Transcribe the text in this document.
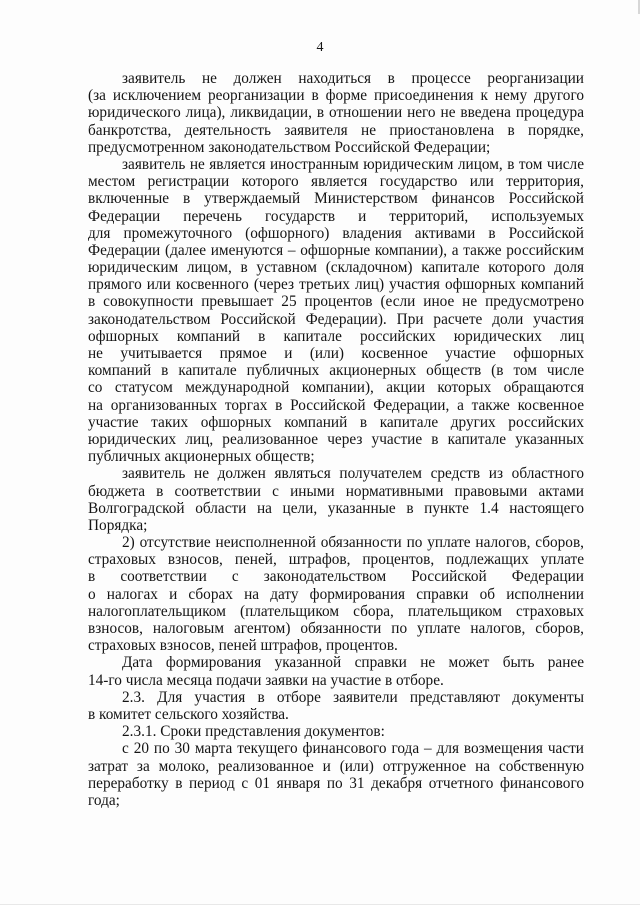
4
заявитель не должен находиться в процессе реорганизации
(за исключением реорганизации в форме присоединения к нему другого
юридического лица), ликвидации, в отношении него не введена процедура
банкротства, деятельность заявителя не приостановлена в порядке,
предусмотренном законодательством Российской Федерации;
заявитель не является иностранным юридическим лицом, в том числе
местом регистрации которого является государство или территория,
включенные в утверждаемый Министерством финансов Российской
Федерации перечень государств и территорий, используемых
для промежуточного (офшорного) владения активами в Российской
Федерации (далее именуются – офшорные компании), а также российским
юридическим лицом, в уставном (складочном) капитале которого доля
прямого или косвенного (через третьих лиц) участия офшорных компаний
в совокупности превышает 25 процентов (если иное не предусмотрено
законодательством Российской Федерации). При расчете доли участия
офшорных компаний в капитале российских юридических лиц
не учитывается прямое и (или) косвенное участие офшорных
компаний в капитале публичных акционерных обществ (в том числе
со статусом международной компании), акции которых обращаются
на организованных торгах в Российской Федерации, а также косвенное
участие таких офшорных компаний в капитале других российских
юридических лиц, реализованное через участие в капитале указанных
публичных акционерных обществ;
заявитель не должен являться получателем средств из областного
бюджета в соответствии с иными нормативными правовыми актами
Волгоградской области на цели, указанные в пункте 1.4 настоящего
Порядка;
2) отсутствие неисполненной обязанности по уплате налогов, сборов,
страховых взносов, пеней, штрафов, процентов, подлежащих уплате
в соответствии с законодательством Российской Федерации
о налогах и сборах на дату формирования справки об исполнении
налогоплательщиком (плательщиком сбора, плательщиком страховых
взносов, налоговым агентом) обязанности по уплате налогов, сборов,
страховых взносов, пеней штрафов, процентов.
Дата формирования указанной справки не может быть ранее
14-го числа месяца подачи заявки на участие в отборе.
2.3. Для участия в отборе заявители представляют документы
в комитет сельского хозяйства.
2.3.1. Сроки представления документов:
с 20 по 30 марта текущего финансового года – для возмещения части
затрат за молоко, реализованное и (или) отгруженное на собственную
переработку в период с 01 января по 31 декабря отчетного финансового
года;
